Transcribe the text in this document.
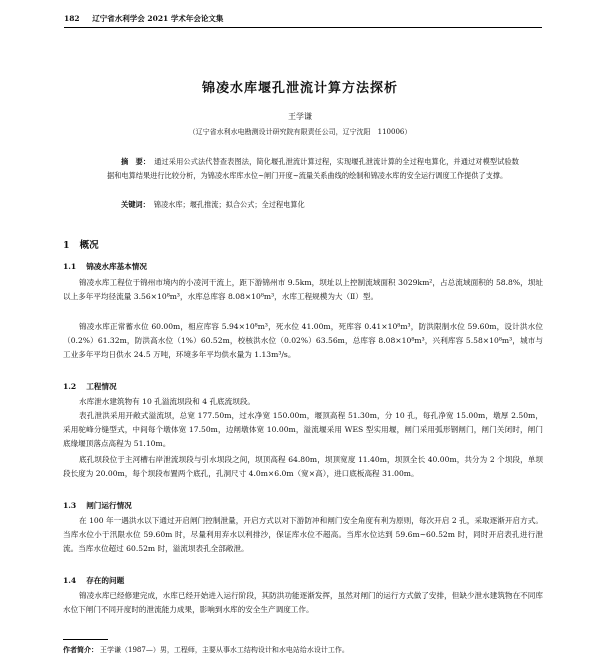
182 辽宁省水利学会 2021 学术年会论文集
锦凌水库堰孔泄流计算方法探析
王学谦
（辽宁省水利水电勘测设计研究院有限责任公司，辽宁沈阳　110006）
摘　要： 通过采用公式法代替查表图法，简化堰孔泄流计算过程，实现堰孔泄流计算的全过程电算化，并通过对模型试验数据和电算结果进行比较分析，为锦凌水库库水位~闸门开度~流量关系曲线的绘制和锦凌水库的安全运行调度工作提供了支撑。
关键词： 锦凌水库；堰孔推流；拟合公式；全过程电算化
1 概况
1.1 锦凌水库基本情况
锦凌水库工程位于锦州市境内的小凌河干流上，距下游锦州市 9.5km，坝址以上控制流域面积 3029km²，占总流域面积的 58.8%，坝址以上多年平均径流量 3.56×10⁸m³，水库总库容 8.08×10⁸m³，水库工程规模为大（Ⅱ）型。
锦凌水库正常蓄水位 60.00m，相应库容 5.94×10⁸m³，死水位 41.00m，死库容 0.41×10⁸m³，防洪限制水位 59.60m，设计洪水位（0.2%）61.32m，防洪高水位（1%）60.52m，校核洪水位（0.02%）63.56m，总库容 8.08×10⁸m³，兴利库容 5.58×10⁸m³，城市与工业多年平均日供水 24.5 万吨，环境多年平均供水量为 1.13m³/s。
1.2 工程情况
水库泄水建筑物有 10 孔溢流坝段和 4 孔底流坝段。
表孔泄洪采用开敞式溢流坝，总宽 177.50m，过水净宽 150.00m，堰顶高程 51.30m，分 10 孔，每孔净宽 15.00m，墩厚 2.50m，采用驼峰分缝型式，中间每个墩体宽 17.50m，边闸墩体宽 10.00m，溢流堰采用 WES 型实用堰，闸门采用弧形钢闸门，闸门关闭时，闸门底缘堰顶落点高程为 51.10m。
底孔坝段位于主河槽右岸泄流坝段与引水坝段之间，坝顶高程 64.80m，坝顶宽度 11.40m，坝顶全长 40.00m，共分为 2 个坝段，单坝段长度为 20.00m，每个坝段布置两个底孔，孔洞尺寸 4.0m×6.0m（宽×高），进口底板高程 31.00m。
1.3 闸门运行情况
在 100 年一遇洪水以下通过开启闸门控制泄量，开启方式以对下游防冲和闸门安全角度有利为原则，每次开启 2 孔，采取逐渐开启方式。当库水位小于汛限水位 59.60m 时，尽量利用弃水以利排沙，保证库水位不超高。当库水位达到 59.6m~60.52m 时，同时开启表孔进行泄流。当库水位超过 60.52m 时，溢流坝表孔全部敞泄。
1.4 存在的问题
锦凌水库已经修建完成，水库已经开始进入运行阶段，其防洪功能逐渐发挥，虽然对闸门的运行方式做了安排，但缺少泄水建筑物在不同库水位下闸门不同开度时的泄流能力成果，影响到水库的安全生产调度工作。
作者简介： 王学谦（1987—）男，工程师，主要从事水工结构设计和水电站给水设计工作。
